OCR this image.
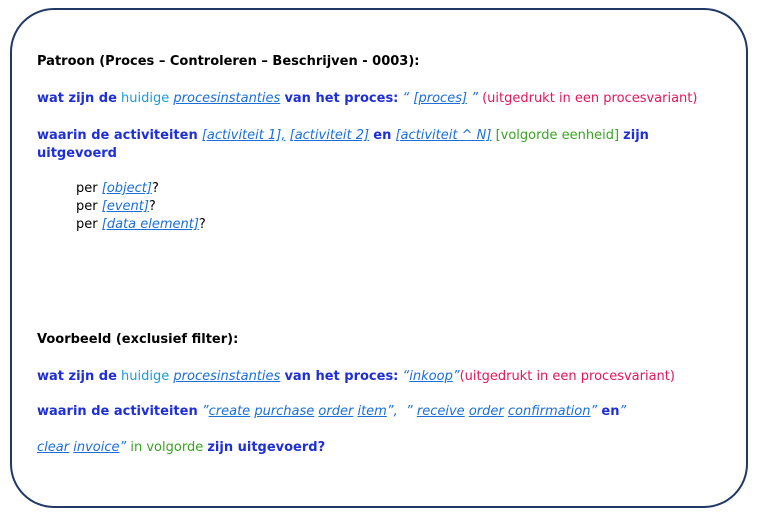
Patroon (Proces – Controleren – Beschrijven - 0003):
wat zijn de huidige procesinstanties van het proces: “ [proces] ” (uitgedrukt in een procesvariant)
waarin de activiteiten [activiteit 1], [activiteit 2] en [activiteit ^ N] [volgorde eenheid] zijn
uitgevoerd
per [object]?
per [event]?
per [data element]?
Voorbeeld (exclusief filter):
wat zijn de huidige procesinstanties van het proces: “inkoop”(uitgedrukt in een procesvariant)
waarin de activiteiten ”create purchase order item”, ” receive order confirmation” en”
clear invoice” in volgorde zijn uitgevoerd?
